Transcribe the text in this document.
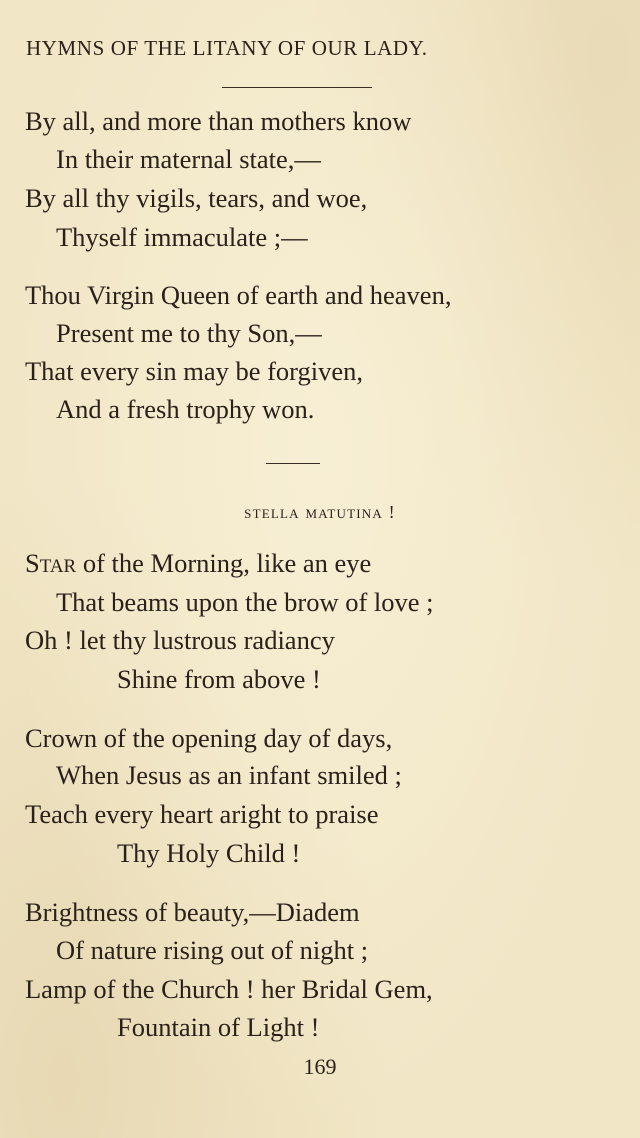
HYMNS OF THE LITANY OF OUR LADY.
By all, and more than mothers know
In their maternal state,—
By all thy vigils, tears, and woe,
Thyself immaculate ;—
Thou Virgin Queen of earth and heaven,
Present me to thy Son,—
That every sin may be forgiven,
And a fresh trophy won.
stella matutina !
Star of the Morning, like an eye
That beams upon the brow of love ;
Oh ! let thy lustrous radiancy
Shine from above !
Crown of the opening day of days,
When Jesus as an infant smiled ;
Teach every heart aright to praise
Thy Holy Child !
Brightness of beauty,—Diadem
Of nature rising out of night ;
Lamp of the Church ! her Bridal Gem,
Fountain of Light !
169
